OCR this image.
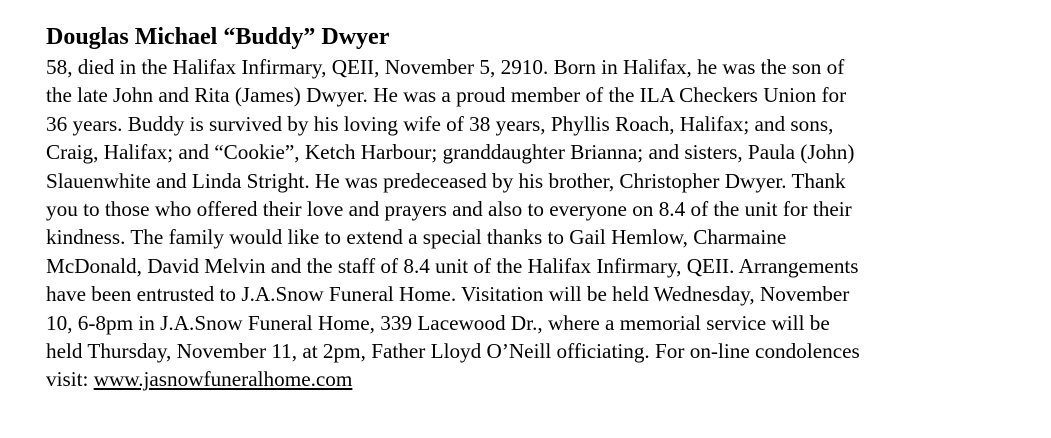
Douglas Michael “Buddy” Dwyer
58, died in the Halifax Infirmary, QEII, November 5, 2910. Born in Halifax, he was the son of
the late John and Rita (James) Dwyer. He was a proud member of the ILA Checkers Union for
36 years. Buddy is survived by his loving wife of 38 years, Phyllis Roach, Halifax; and sons,
Craig, Halifax; and “Cookie”, Ketch Harbour; granddaughter Brianna; and sisters, Paula (John)
Slauenwhite and Linda Stright. He was predeceased by his brother, Christopher Dwyer. Thank
you to those who offered their love and prayers and also to everyone on 8.4 of the unit for their
kindness. The family would like to extend a special thanks to Gail Hemlow, Charmaine
McDonald, David Melvin and the staff of 8.4 unit of the Halifax Infirmary, QEII. Arrangements
have been entrusted to J.A.Snow Funeral Home. Visitation will be held Wednesday, November
10, 6-8pm in J.A.Snow Funeral Home, 339 Lacewood Dr., where a memorial service will be
held Thursday, November 11, at 2pm, Father Lloyd O’Neill officiating. For on-line condolences
visit: www.jasnowfuneralhome.com
